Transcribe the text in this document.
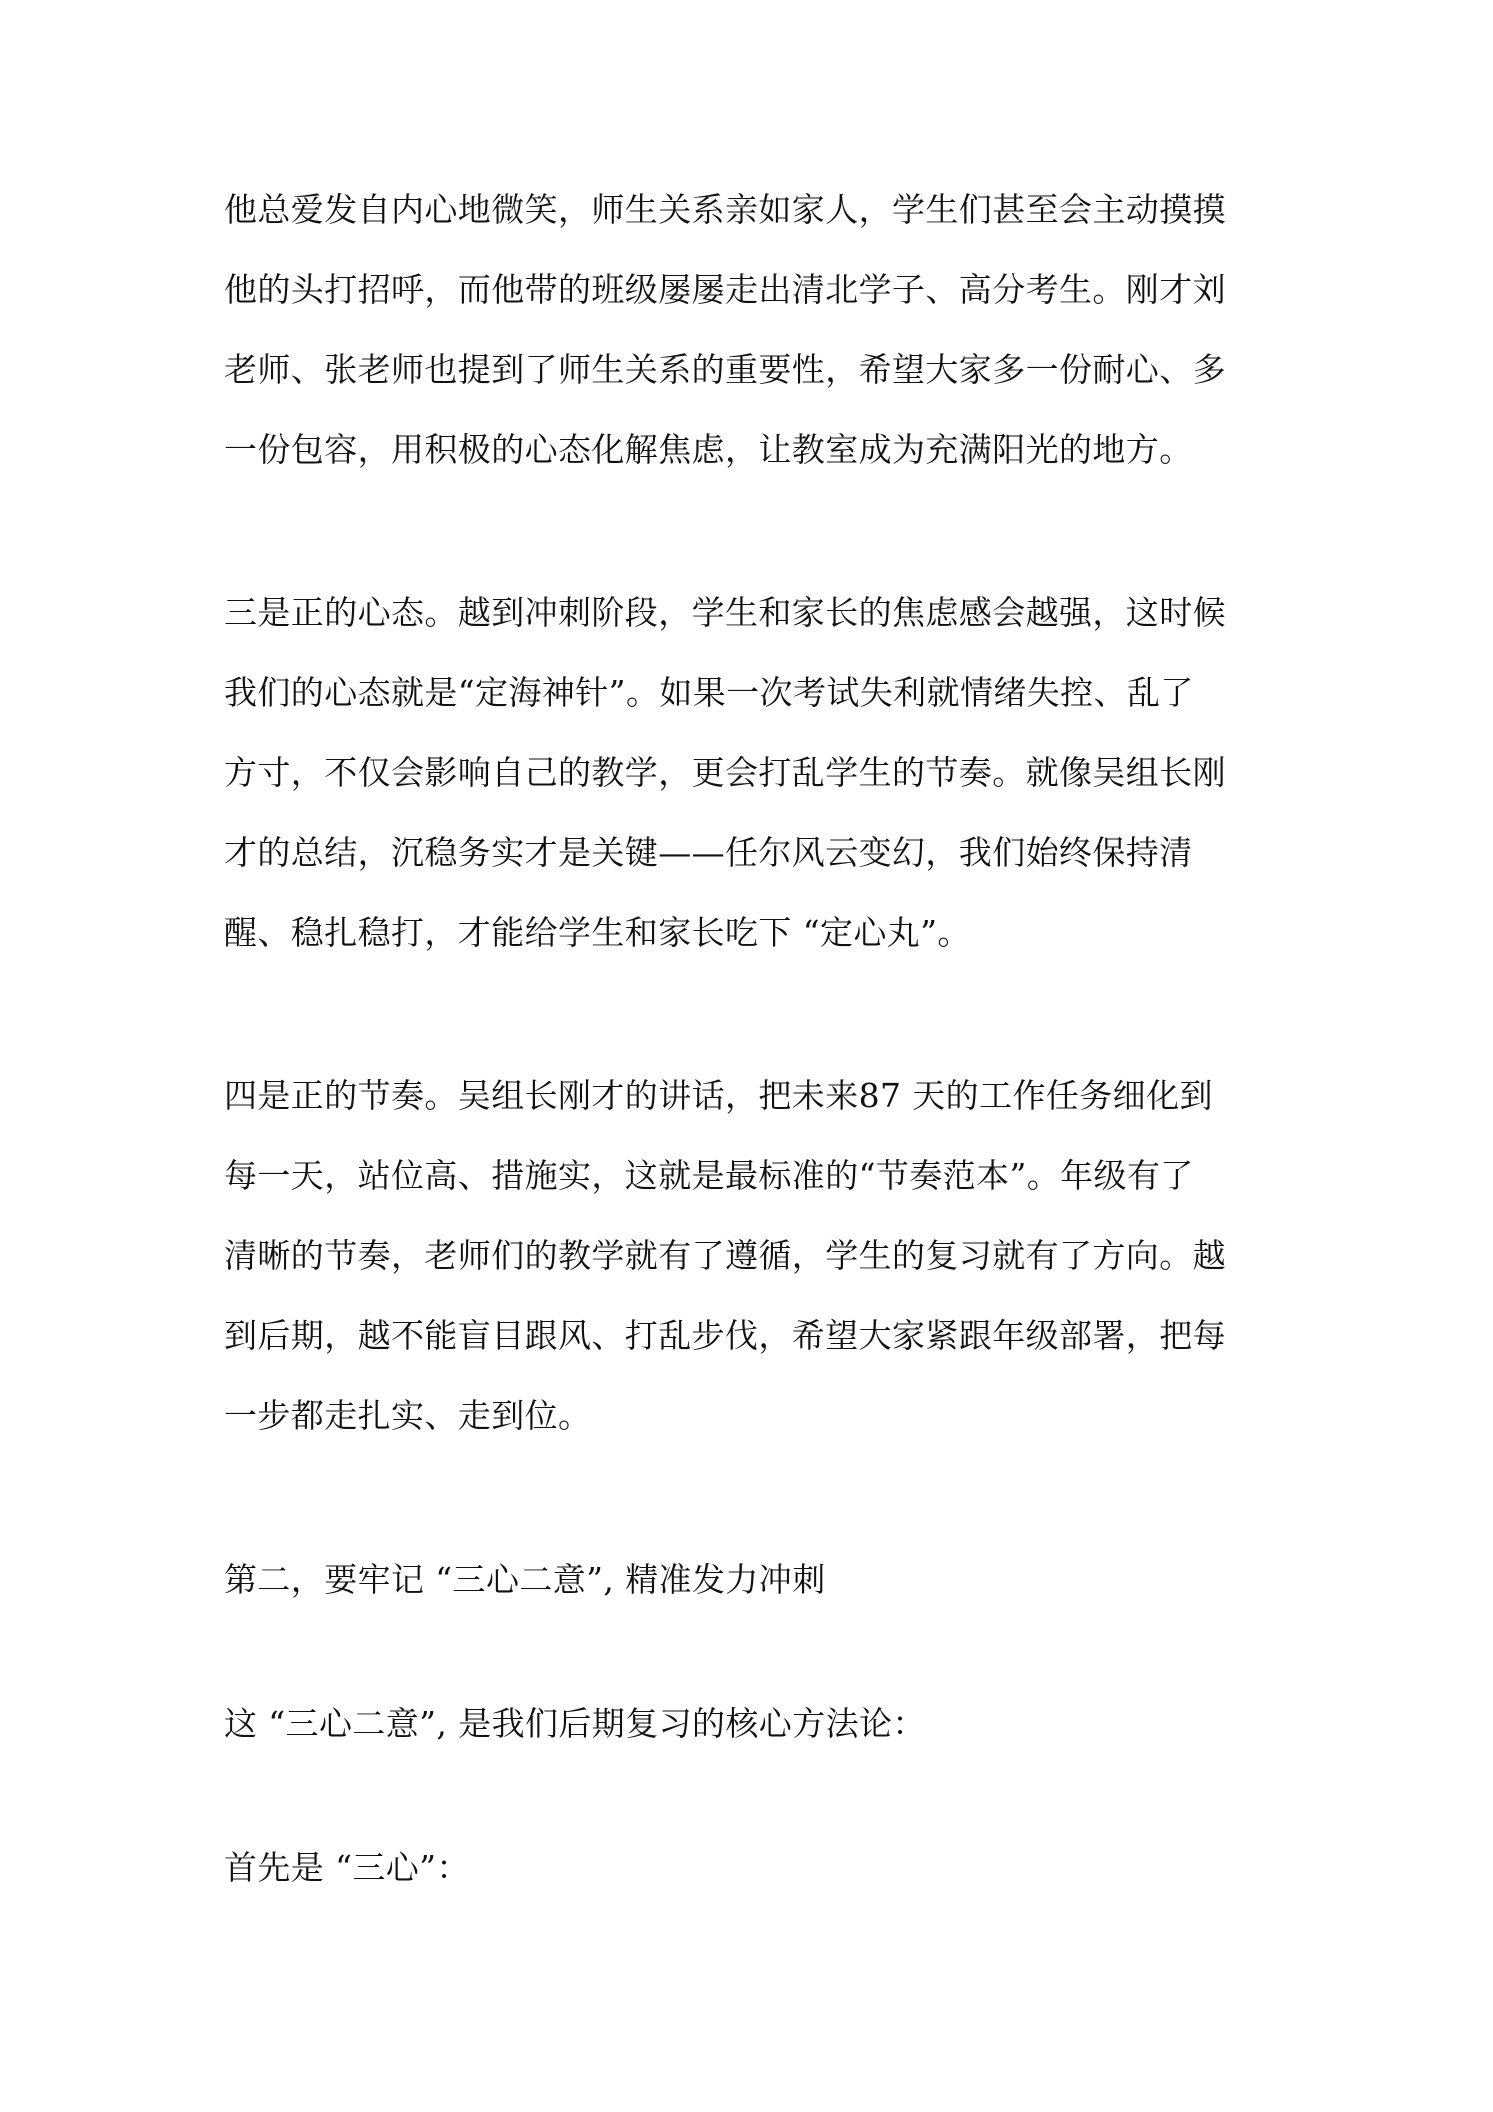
他总爱发自内心地微笑，师生关系亲如家人，学生们甚至会主动摸摸
他的头打招呼，而他带的班级屡屡走出清北学子、高分考生。刚才刘
老师、张老师也提到了师生关系的重要性，希望大家多一份耐心、多
一份包容，用积极的心态化解焦虑，让教室成为充满阳光的地方。
三是正的心态。越到冲刺阶段，学生和家长的焦虑感会越强，这时候
我们的心态就是“定海神针”。如果一次考试失利就情绪失控、乱了
方寸，不仅会影响自己的教学，更会打乱学生的节奏。就像吴组长刚
才的总结，沉稳务实才是关键——任尔风云变幻，我们始终保持清
醒、稳扎稳打，才能给学生和家长吃下 “定心丸”。
四是正的节奏。吴组长刚才的讲话，把未来87 天的工作任务细化到
每一天，站位高、措施实，这就是最标准的“节奏范本”。年级有了
清晰的节奏，老师们的教学就有了遵循，学生的复习就有了方向。越
到后期，越不能盲目跟风、打乱步伐，希望大家紧跟年级部署，把每
一步都走扎实、走到位。
第二，要牢记 “三心二意”, 精准发力冲刺
这 “三心二意”, 是我们后期复习的核心方法论：
首先是 “三心”：
